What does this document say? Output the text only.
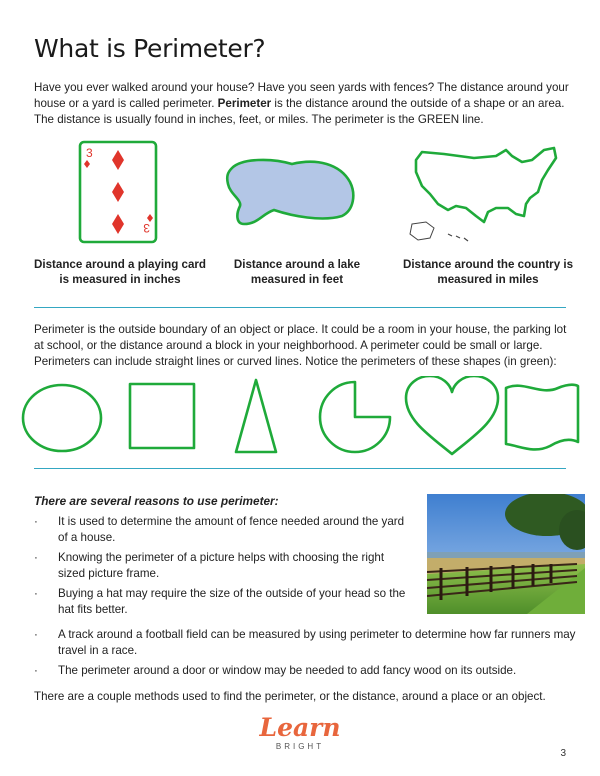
What is Perimeter?
Have you ever walked around your house? Have you seen yards with fences? The distance around your house or a yard is called perimeter. Perimeter is the distance around the outside of a shape or an area. The distance is usually found in inches, feet, or miles. The perimeter is the GREEN line.
3
3
Distance around a playing card is measured in inches
Distance around a lake measured in feet
Distance around the country is measured in miles
Perimeter is the outside boundary of an object or place. It could be a room in your house, the parking lot at school, or the distance around a block in your neighborhood. A perimeter could be small or large. Perimeters can include straight lines or curved lines. Notice the perimeters of these shapes (in green):
There are several reasons to use perimeter:
· It is used to determine the amount of fence needed around the yard of a house.
· Knowing the perimeter of a picture helps with choosing the right sized picture frame.
· Buying a hat may require the size of the outside of your head so the hat fits better.
· A track around a football field can be measured by using perimeter to determine how far runners may travel in a race.
· The perimeter around a door or window may be needed to add fancy wood on its outside.
There are a couple methods used to find the perimeter, or the distance, around a place or an object.
Learn
BRIGHT
3
